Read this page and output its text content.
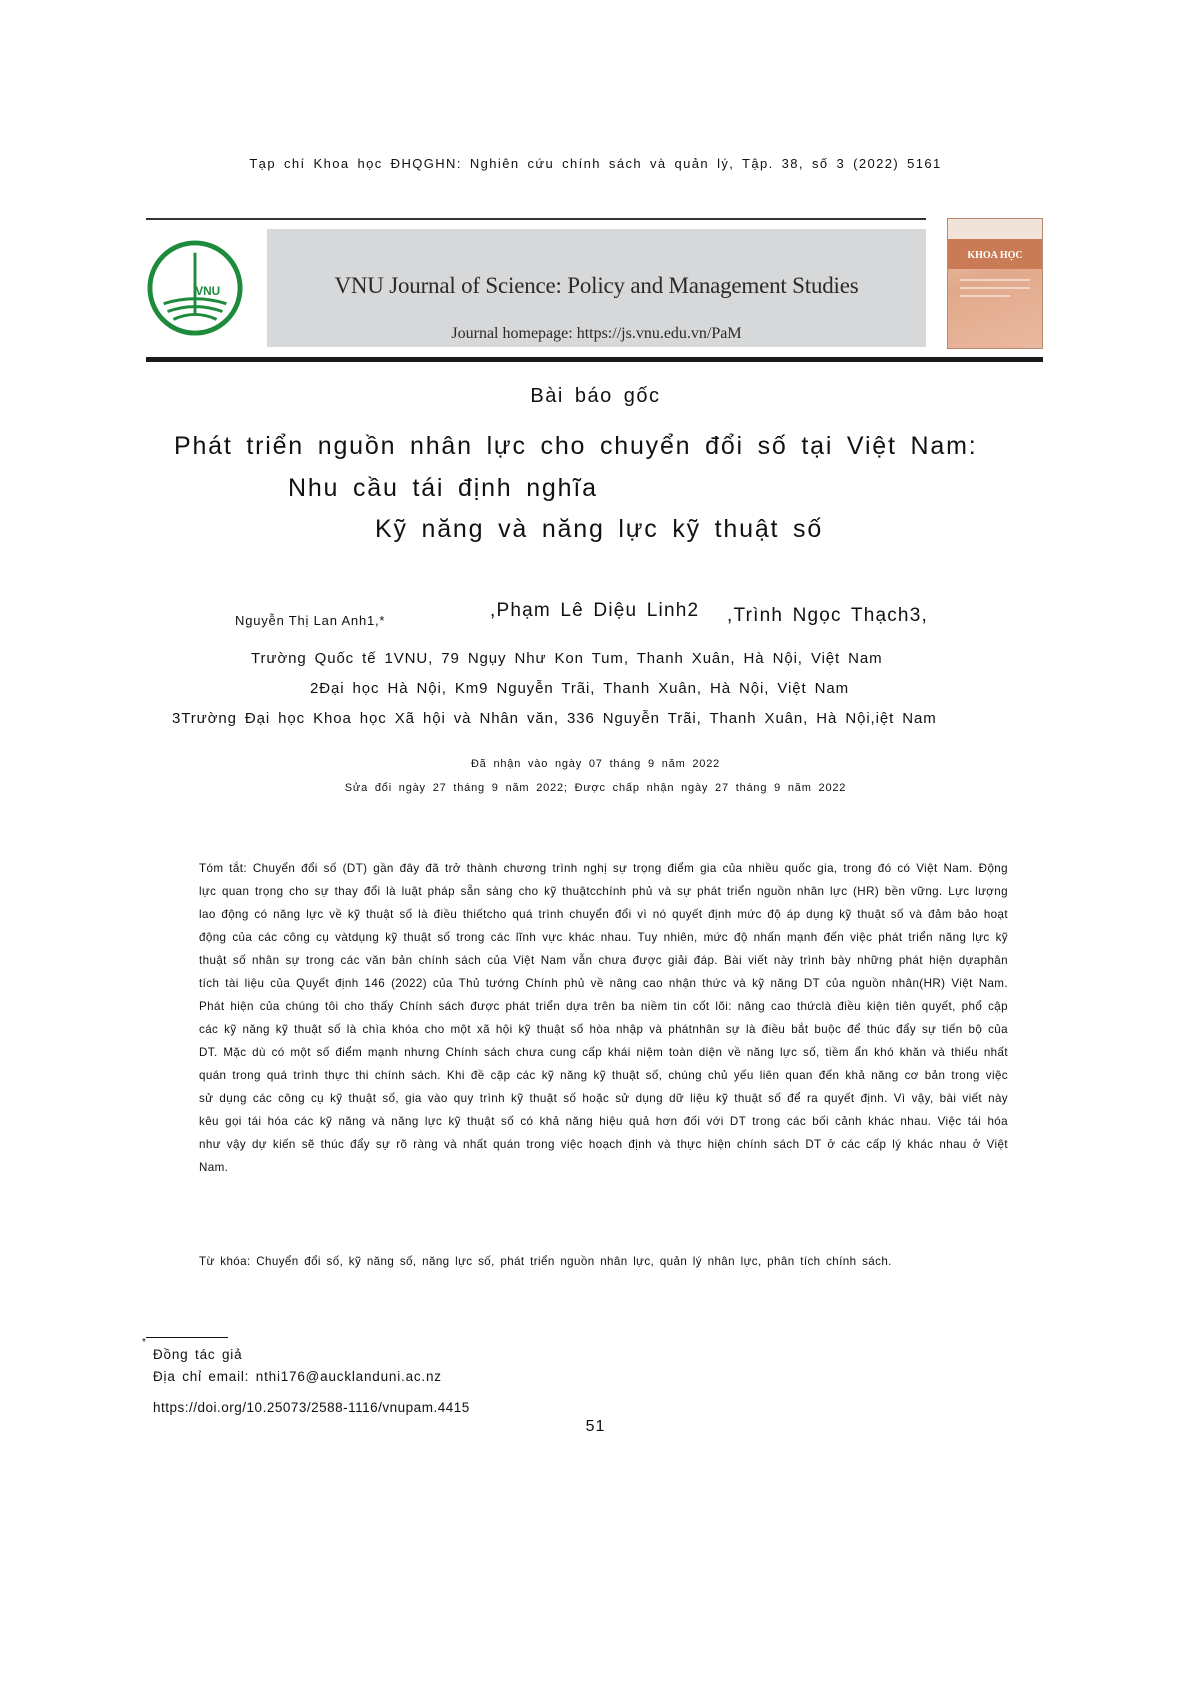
Tạp chí Khoa học ĐHQGHN: Nghiên cứu chính sách và quản lý, Tập. 38, số 3 (2022) 5161
VNU	VNU Journal of Science: Policy and Management Studies
Journal homepage: https://js.vnu.edu.vn/PaM
KHOA HỌC
Bài báo gốc
Phát triển nguồn nhân lực cho chuyển đổi số tại Việt Nam:
Nhu cầu tái định nghĩa
Kỹ năng và năng lực kỹ thuật số
Nguyễn Thị Lan Anh1,*	,Phạm Lê Diệu Linh2 ,Trình Ngọc Thạch3,
Trường Quốc tế 1VNU, 79 Ngụy Như Kon Tum, Thanh Xuân, Hà Nội, Việt Nam
2Đại học Hà Nội, Km9 Nguyễn Trãi, Thanh Xuân, Hà Nội, Việt Nam
3Trường Đại học Khoa học Xã hội và Nhân văn, 336 Nguyễn Trãi, Thanh Xuân, Hà Nội,iệt Nam
Đã nhận vào ngày 07 tháng 9 năm 2022
Sửa đổi ngày 27 tháng 9 năm 2022; Được chấp nhận ngày 27 tháng 9 năm 2022
Tóm tắt: Chuyển đổi số (DT) gần đây đã trở thành chương trình nghị sự trọng điểm gia của nhiều quốc gia, trong đó có Việt Nam. Động lực quan trọng cho sự thay đổi là luật pháp sẵn sàng cho kỹ thuậtcchính phủ và sự phát triển nguồn nhân lực (HR) bền vững. Lực lượng lao động có năng lực về kỹ thuật số là điều thiếtcho quá trình chuyển đổi vì nó quyết định mức độ áp dụng kỹ thuật số và đảm bảo hoạt động của các công cụ vàtdụng kỹ thuật số trong các lĩnh vực khác nhau. Tuy nhiên, mức độ nhấn mạnh đến việc phát triển năng lực kỹ thuật số nhân sự trong các văn bản chính sách của Việt Nam vẫn chưa được giải đáp. Bài viết này trình bày những phát hiện dựaphân tích tài liệu của Quyết định 146 (2022) của Thủ tướng Chính phủ về nâng cao nhận thức và kỹ năng DT của nguồn nhân(HR) Việt Nam. Phát hiện của chúng tôi cho thấy Chính sách được phát triển dựa trên ba niềm tin cốt lõi: nâng cao thứclà điều kiện tiên quyết, phổ cập các kỹ năng kỹ thuật số là chìa khóa cho một xã hội kỹ thuật số hòa nhập và phátnhân sự là điều bắt buộc để thúc đẩy sự tiến bộ của DT. Mặc dù có một số điểm mạnh nhưng Chính sách chưa cung cấp khái niệm toàn diện về năng lực số, tiềm ẩn khó khăn và thiếu nhất quán trong quá trình thực thi chính sách. Khi đề cập các kỹ năng kỹ thuật số, chúng chủ yếu liên quan đến khả năng cơ bản trong việc sử dụng các công cụ kỹ thuật số, gia vào quy trình kỹ thuật số hoặc sử dụng dữ liệu kỹ thuật số để ra quyết định. Vì vậy, bài viết này kêu gọi tái hóa các kỹ năng và năng lực kỹ thuật số có khả năng hiệu quả hơn đối với DT trong các bối cảnh khác nhau. Việc tái hóa như vậy dự kiến sẽ thúc đẩy sự rõ ràng và nhất quán trong việc hoạch định và thực hiện chính sách DT ở các cấp lý khác nhau ở Việt Nam.
Từ khóa: Chuyển đổi số, kỹ năng số, năng lực số, phát triển nguồn nhân lực, quản lý nhân lực, phân tích chính sách.
*
Đồng tác giả
Địa chỉ email: nthi176@aucklanduni.ac.nz
https://doi.org/10.25073/2588-1116/vnupam.4415
51
